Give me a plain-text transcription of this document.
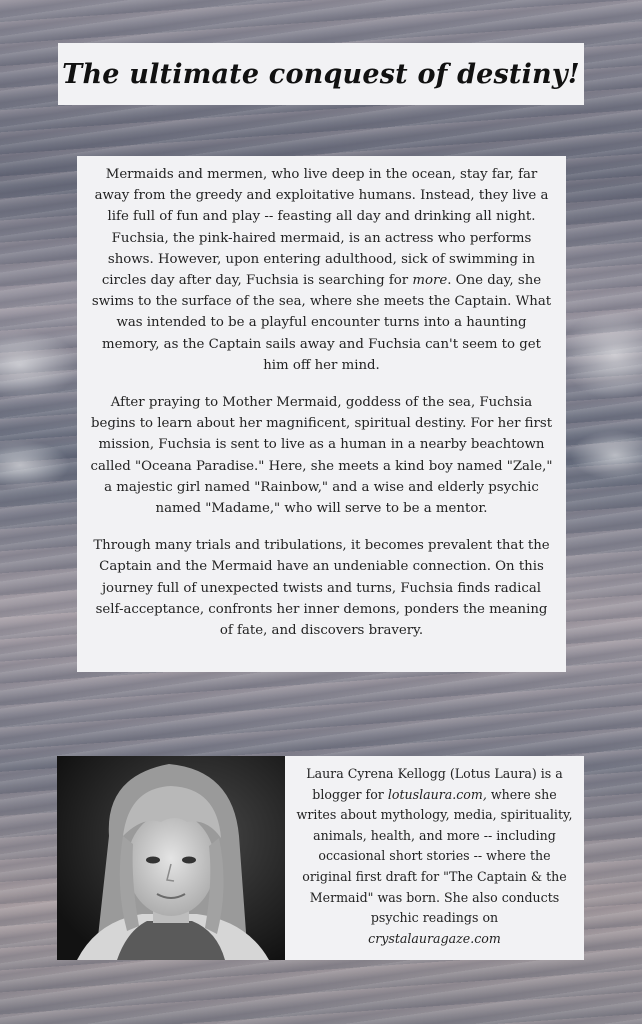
The ultimate conquest of destiny!

Mermaids and mermen, who live deep in the ocean, stay far, far away from the greedy and exploitative humans. Instead, they live a life full of fun and play -- feasting all day and drinking all night. Fuchsia, the pink-haired mermaid, is an actress who performs shows. However, upon entering adulthood, sick of swimming in circles day after day, Fuchsia is searching for more. One day, she swims to the surface of the sea, where she meets the Captain. What was intended to be a playful encounter turns into a haunting memory, as the Captain sails away and Fuchsia can't seem to get him off her mind.

After praying to Mother Mermaid, goddess of the sea, Fuchsia begins to learn about her magnificent, spiritual destiny. For her first mission, Fuchsia is sent to live as a human in a nearby beachtown called "Oceana Paradise." Here, she meets a kind boy named "Zale," a majestic girl named "Rainbow," and a wise and elderly psychic named "Madame," who will serve to be a mentor.

Through many trials and tribulations, it becomes prevalent that the Captain and the Mermaid have an undeniable connection. On this journey full of unexpected twists and turns, Fuchsia finds radical self-acceptance, confronts her inner demons, ponders the meaning of fate, and discovers bravery.

Laura Cyrena Kellogg (Lotus Laura) is a blogger for lotuslaura.com, where she writes about mythology, media, spirituality, animals, health, and more -- including occasional short stories -- where the original first draft for "The Captain & the Mermaid" was born. She also conducts psychic readings on
crystalauragaze.com
